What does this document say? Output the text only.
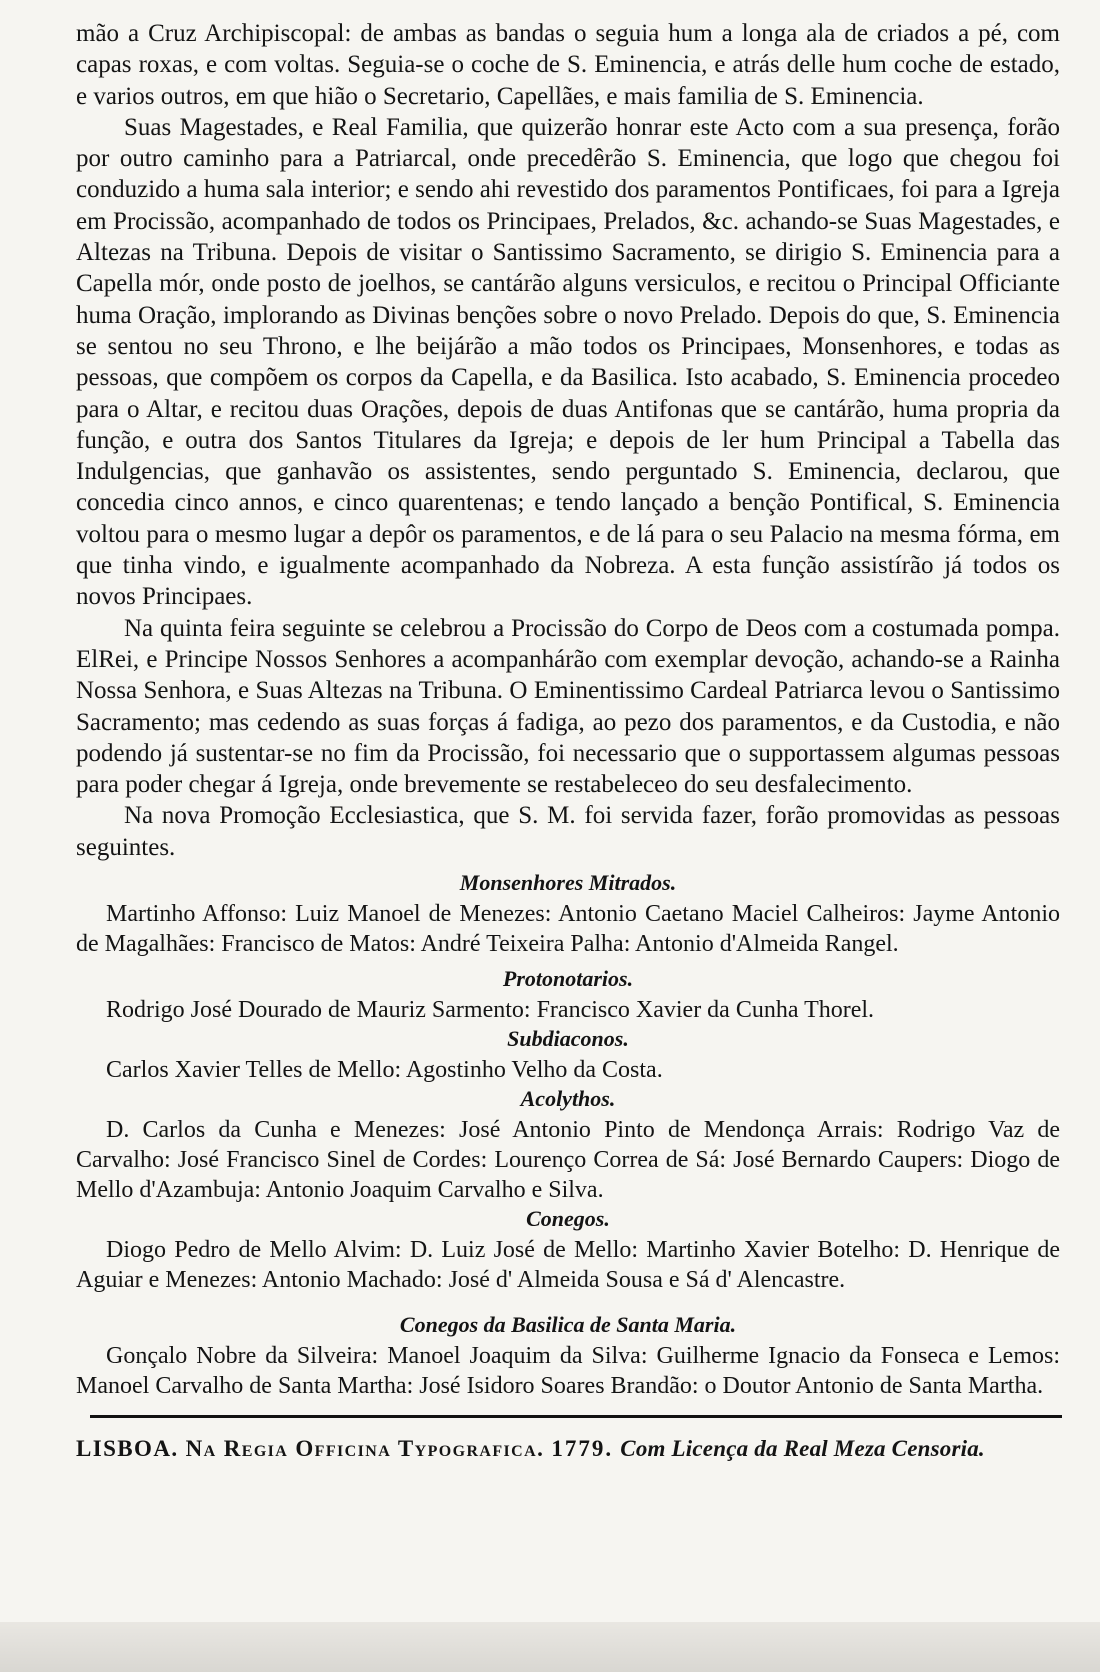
mão a Cruz Archipiscopal: de ambas as bandas o seguia hum a longa ala de criados a pé, com capas roxas, e com voltas. Seguia-se o coche de S. Eminencia, e atrás delle hum coche de estado, e varios outros, em que hião o Secretario, Capellães, e mais familia de S. Eminencia.

Suas Magestades, e Real Familia, que quizerão honrar este Acto com a sua presença, forão por outro caminho para a Patriarcal, onde precedêrão S. Eminencia, que logo que chegou foi conduzido a huma sala interior; e sendo ahi revestido dos paramentos Pontificaes, foi para a Igreja em Procissão, acompanhado de todos os Principaes, Prelados, &c. achando-se Suas Magestades, e Altezas na Tribuna. Depois de visitar o Santissimo Sacramento, se dirigio S. Eminencia para a Capella mór, onde posto de joelhos, se cantárão alguns versiculos, e recitou o Principal Officiante huma Oração, implorando as Divinas benções sobre o novo Prelado. Depois do que, S. Eminencia se sentou no seu Throno, e lhe beijárão a mão todos os Principaes, Monsenhores, e todas as pessoas, que compõem os corpos da Capella, e da Basilica. Isto acabado, S. Eminencia procedeo para o Altar, e recitou duas Orações, depois de duas Antifonas que se cantárão, huma propria da função, e outra dos Santos Titulares da Igreja; e depois de ler hum Principal a Tabella das Indulgencias, que ganhavão os assistentes, sendo perguntado S. Eminencia, declarou, que concedia cinco annos, e cinco quarentenas; e tendo lançado a benção Pontifical, S. Eminencia voltou para o mesmo lugar a depôr os paramentos, e de lá para o seu Palacio na mesma fórma, em que tinha vindo, e igualmente acompanhado da Nobreza. A esta função assistírão já todos os novos Principaes.

Na quinta feira seguinte se celebrou a Procissão do Corpo de Deos com a costumada pompa. ElRei, e Principe Nossos Senhores a acompanhárão com exemplar devoção, achando-se a Rainha Nossa Senhora, e Suas Altezas na Tribuna. O Eminentissimo Cardeal Patriarca levou o Santissimo Sacramento; mas cedendo as suas forças á fadiga, ao pezo dos paramentos, e da Custodia, e não podendo já sustentar-se no fim da Procissão, foi necessario que o supportassem algumas pessoas para poder chegar á Igreja, onde brevemente se restabeleceo do seu desfalecimento.

Na nova Promoção Ecclesiastica, que S. M. foi servida fazer, forão promovidas as pessoas seguintes.

Monsenhores Mitrados.

Martinho Affonso: Luiz Manoel de Menezes: Antonio Caetano Maciel Calheiros: Jayme Antonio de Magalhães: Francisco de Matos: André Teixeira Palha: Antonio d'Almeida Rangel.

Protonotarios.

Rodrigo José Dourado de Mauriz Sarmento: Francisco Xavier da Cunha Thorel.

Subdiaconos.

Carlos Xavier Telles de Mello: Agostinho Velho da Costa.

Acolythos.

D. Carlos da Cunha e Menezes: José Antonio Pinto de Mendonça Arrais: Rodrigo Vaz de Carvalho: José Francisco Sinel de Cordes: Lourenço Correa de Sá: José Bernardo Caupers: Diogo de Mello d'Azambuja: Antonio Joaquim Carvalho e Silva.

Conegos.

Diogo Pedro de Mello Alvim: D. Luiz José de Mello: Martinho Xavier Botelho: D. Henrique de Aguiar e Menezes: Antonio Machado: José d' Almeida Sousa e Sá d' Alencastre.

Conegos da Basilica de Santa Maria.

Gonçalo Nobre da Silveira: Manoel Joaquim da Silva: Guilherme Ignacio da Fonseca e Lemos: Manoel Carvalho de Santa Martha: José Isidoro Soares Brandão: o Doutor Antonio de Santa Martha.

LISBOA. Na Regia Officina Typografica. 1779. Com Licença da Real Meza Censoria.
